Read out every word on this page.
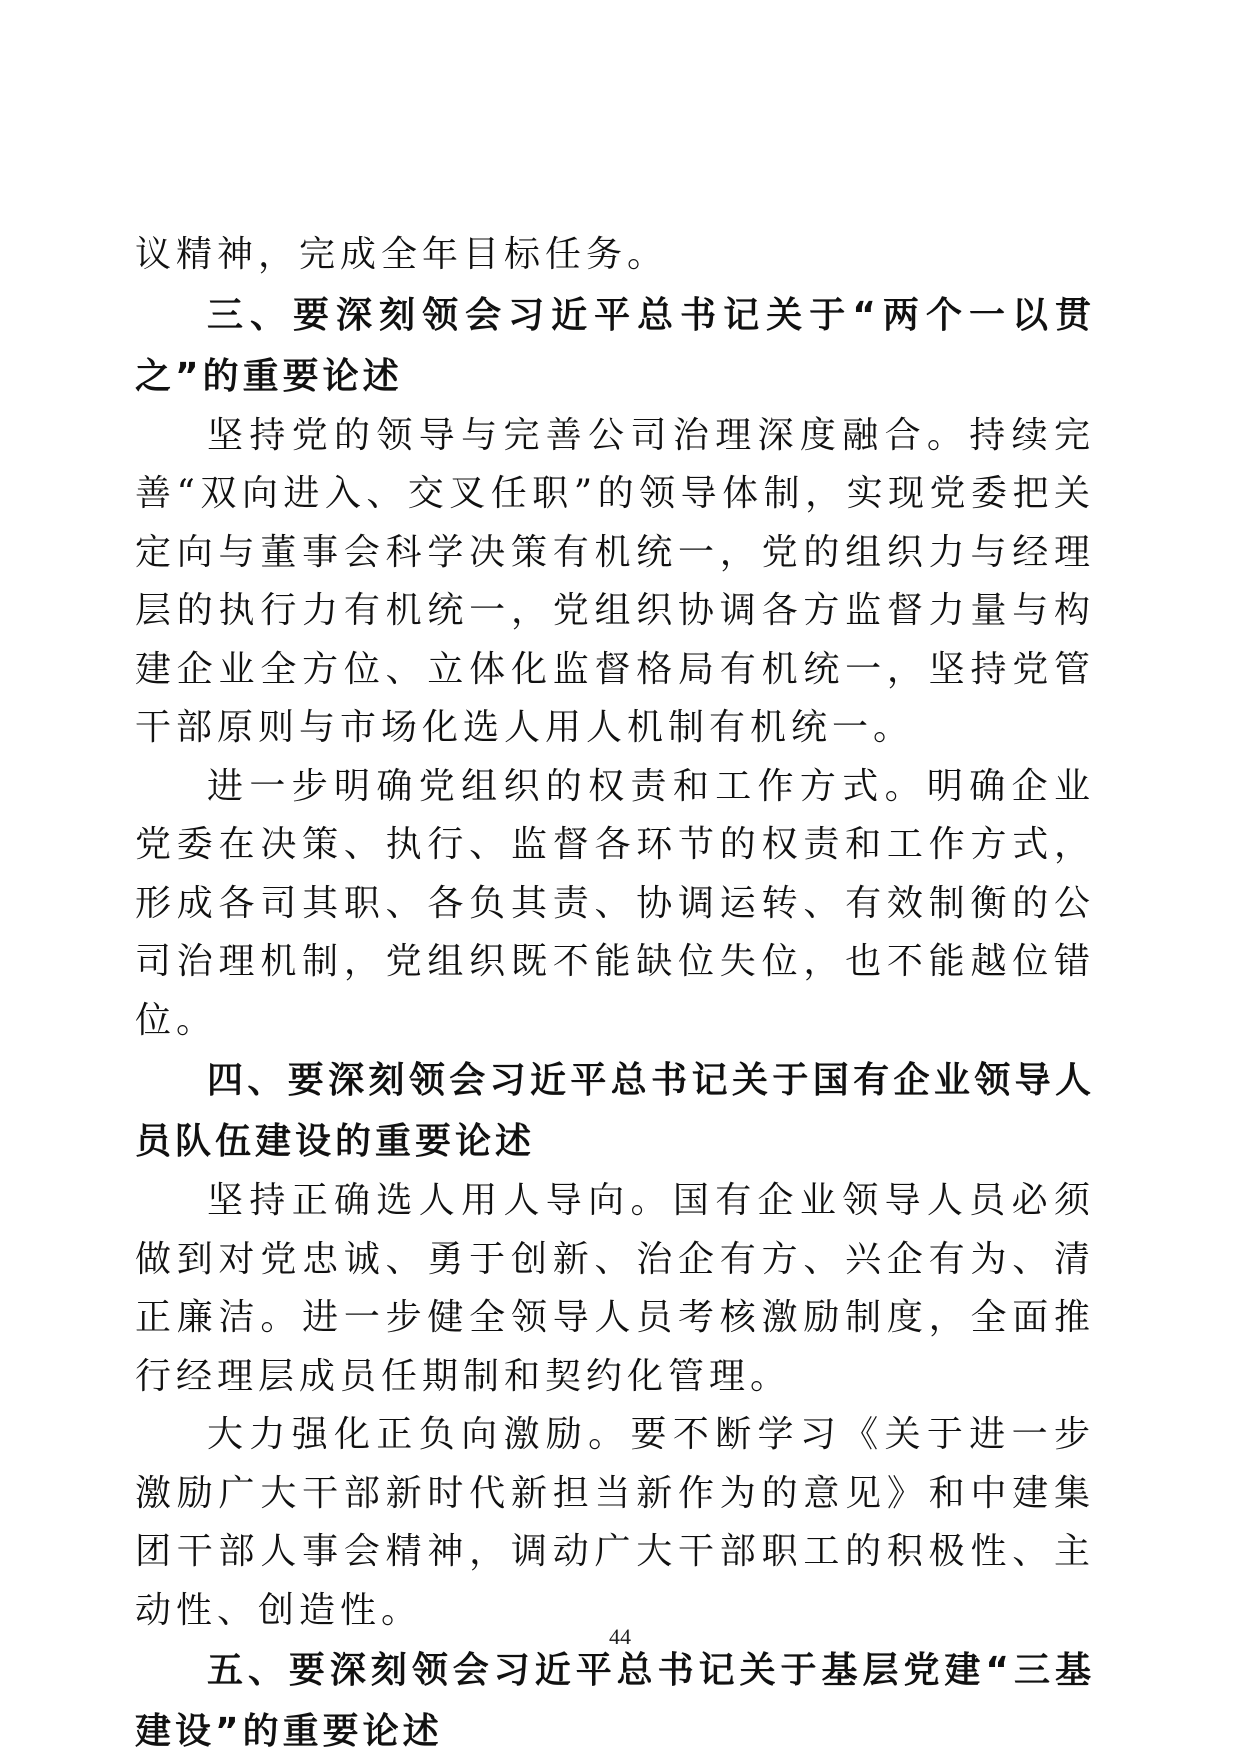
议精神，完成全年目标任务。

三、要深刻领会习近平总书记关于“两个一以贯之”的重要论述

坚持党的领导与完善公司治理深度融合。持续完善“双向进入、交叉任职”的领导体制，实现党委把关定向与董事会科学决策有机统一，党的组织力与经理层的执行力有机统一，党组织协调各方监督力量与构建企业全方位、立体化监督格局有机统一，坚持党管干部原则与市场化选人用人机制有机统一。

进一步明确党组织的权责和工作方式。明确企业党委在决策、执行、监督各环节的权责和工作方式，形成各司其职、各负其责、协调运转、有效制衡的公司治理机制，党组织既不能缺位失位，也不能越位错位。

四、要深刻领会习近平总书记关于国有企业领导人员队伍建设的重要论述

坚持正确选人用人导向。国有企业领导人员必须做到对党忠诚、勇于创新、治企有方、兴企有为、清正廉洁。进一步健全领导人员考核激励制度，全面推行经理层成员任期制和契约化管理。

大力强化正负向激励。要不断学习《关于进一步激励广大干部新时代新担当新作为的意见》和中建集团干部人事会精神，调动广大干部职工的积极性、主动性、创造性。

五、要深刻领会习近平总书记关于基层党建“三基建设”的重要论述
44
